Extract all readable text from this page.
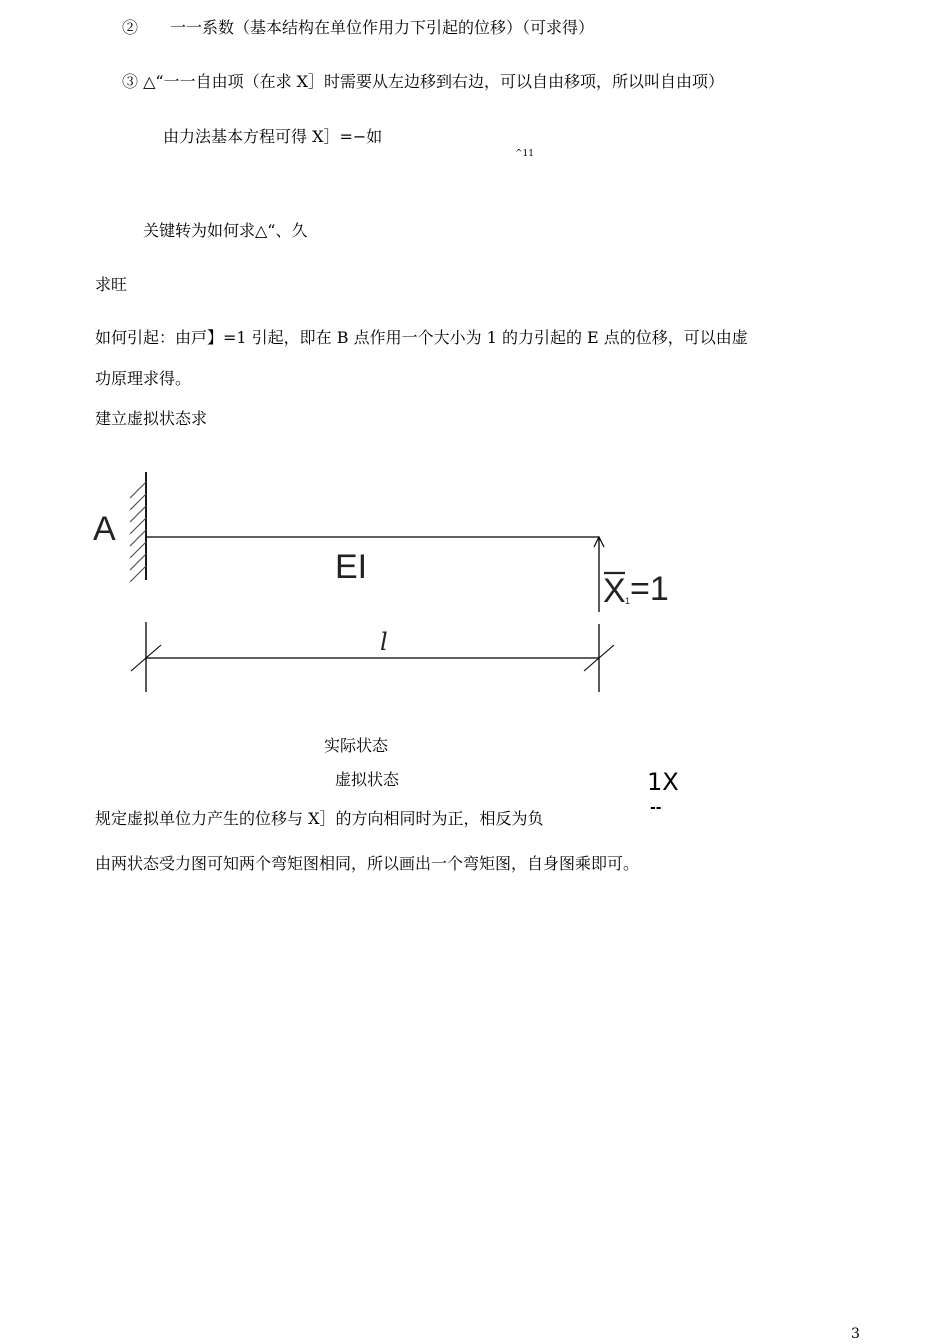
②　　一一系数（基本结构在单位作用力下引起的位移）（可求得）
③ △“一一自由项（在求 X］时需要从左边移到右边，可以自由移项，所以叫自由项）
由力法基本方程可得 X］=−如
^11
关键转为如何求△“、久
求旺
如何引起：由戸】=1 引起，即在 B 点作用一个大小为 1 的力引起的 E 点的位移，可以由虚
功原理求得。
建立虚拟状态求
A
EI
X 1 =1
l
实际状态
虚拟状态	1X
--
规定虚拟单位力产生的位移与 X］的方向相同时为正，相反为负
由两状态受力图可知两个弯矩图相同，所以画出一个弯矩图，自身图乘即可。
3
